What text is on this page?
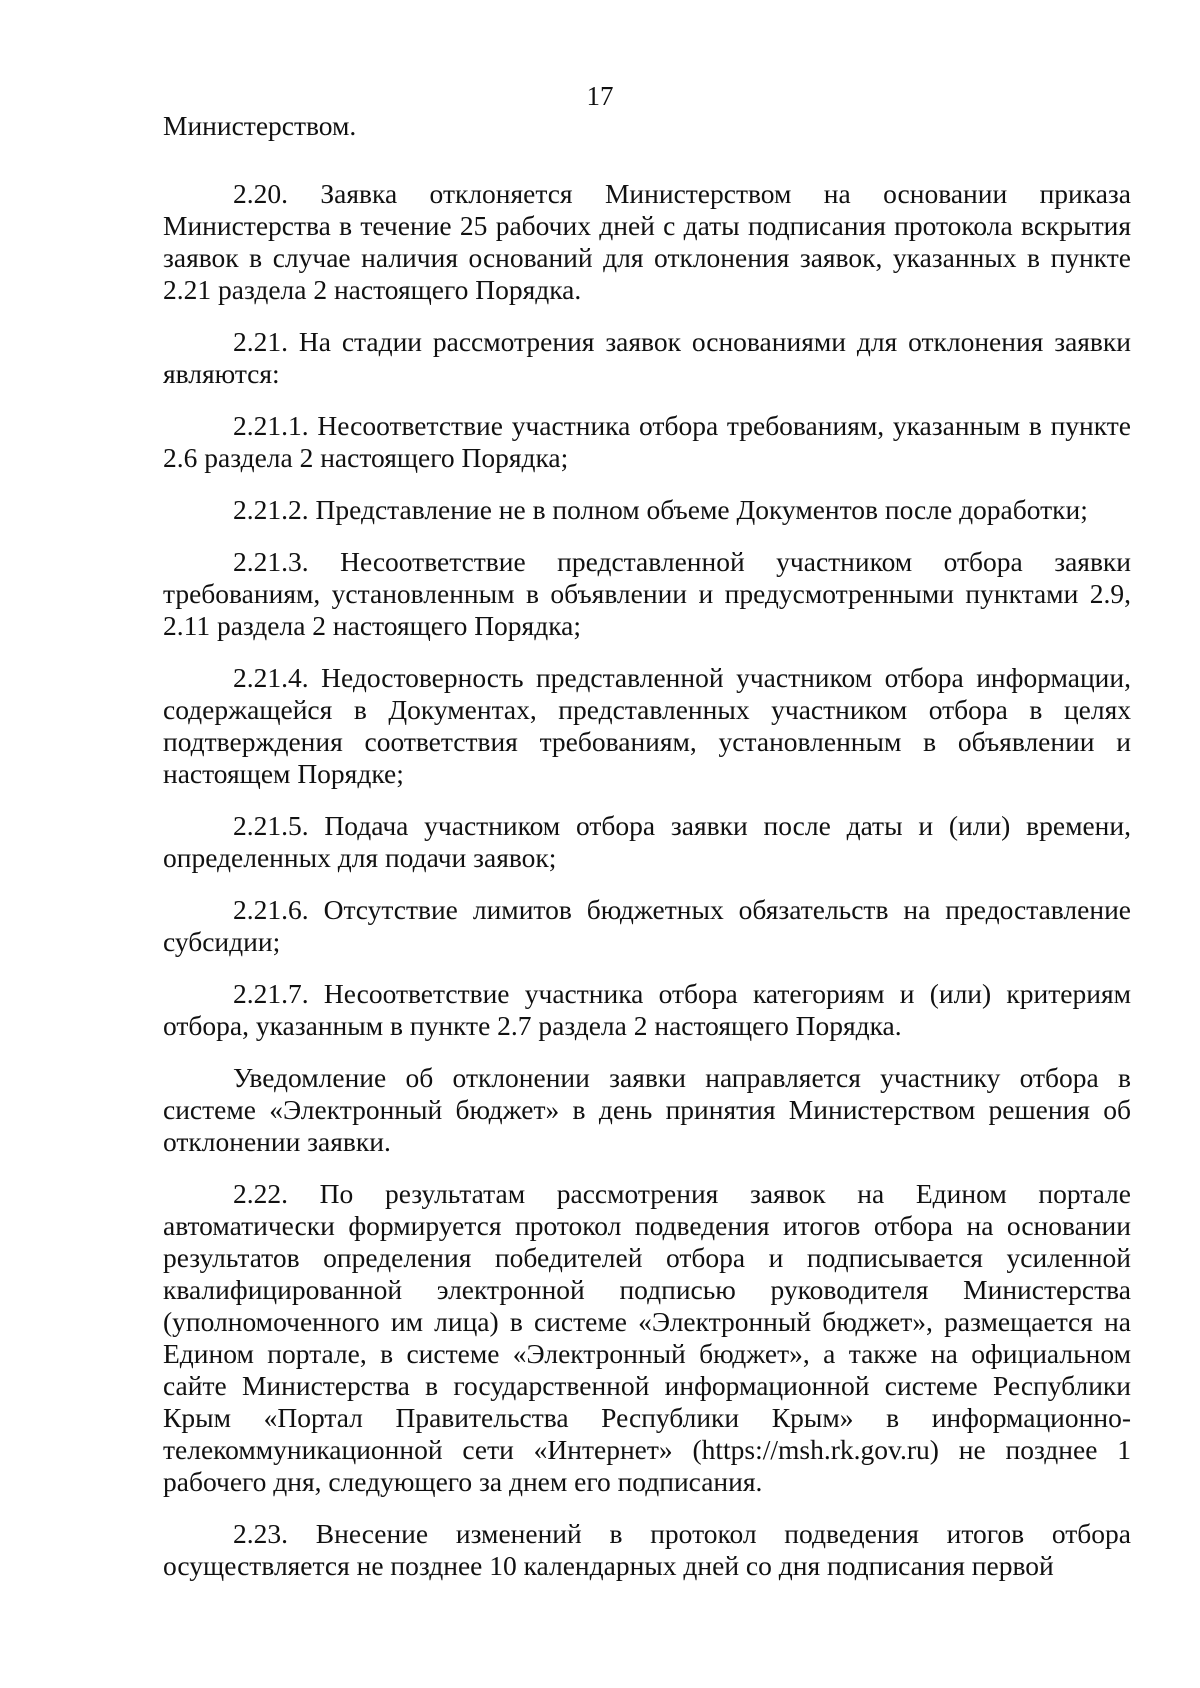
17

Министерством.

2.20. Заявка отклоняется Министерством на основании приказа Министерства в течение 25 рабочих дней с даты подписания протокола вскрытия заявок в случае наличия оснований для отклонения заявок, указанных в пункте 2.21 раздела 2 настоящего Порядка.

2.21. На стадии рассмотрения заявок основаниями для отклонения заявки являются:

2.21.1. Несоответствие участника отбора требованиям, указанным в пункте 2.6 раздела 2 настоящего Порядка;

2.21.2. Представление не в полном объеме Документов после доработки;

2.21.3. Несоответствие представленной участником отбора заявки требованиям, установленным в объявлении и предусмотренными пунктами 2.9, 2.11 раздела 2 настоящего Порядка;

2.21.4. Недостоверность представленной участником отбора информации, содержащейся в Документах, представленных участником отбора в целях подтверждения соответствия требованиям, установленным в объявлении и настоящем Порядке;

2.21.5. Подача участником отбора заявки после даты и (или) времени, определенных для подачи заявок;

2.21.6. Отсутствие лимитов бюджетных обязательств на предоставление субсидии;

2.21.7. Несоответствие участника отбора категориям и (или) критериям отбора, указанным в пункте 2.7 раздела 2 настоящего Порядка.

Уведомление об отклонении заявки направляется участнику отбора в системе «Электронный бюджет» в день принятия Министерством решения об отклонении заявки.

2.22. По результатам рассмотрения заявок на Едином портале автоматически формируется протокол подведения итогов отбора на основании результатов определения победителей отбора и подписывается усиленной квалифицированной электронной подписью руководителя Министерства (уполномоченного им лица) в системе «Электронный бюджет», размещается на Едином портале, в системе «Электронный бюджет», а также на официальном сайте Министерства в государственной информационной системе Республики Крым «Портал Правительства Республики Крым» в информационно-телекоммуникационной сети «Интернет» (https://msh.rk.gov.ru) не позднее 1 рабочего дня, следующего за днем его подписания.

2.23. Внесение изменений в протокол подведения итогов отбора осуществляется не позднее 10 календарных дней со дня подписания первой
